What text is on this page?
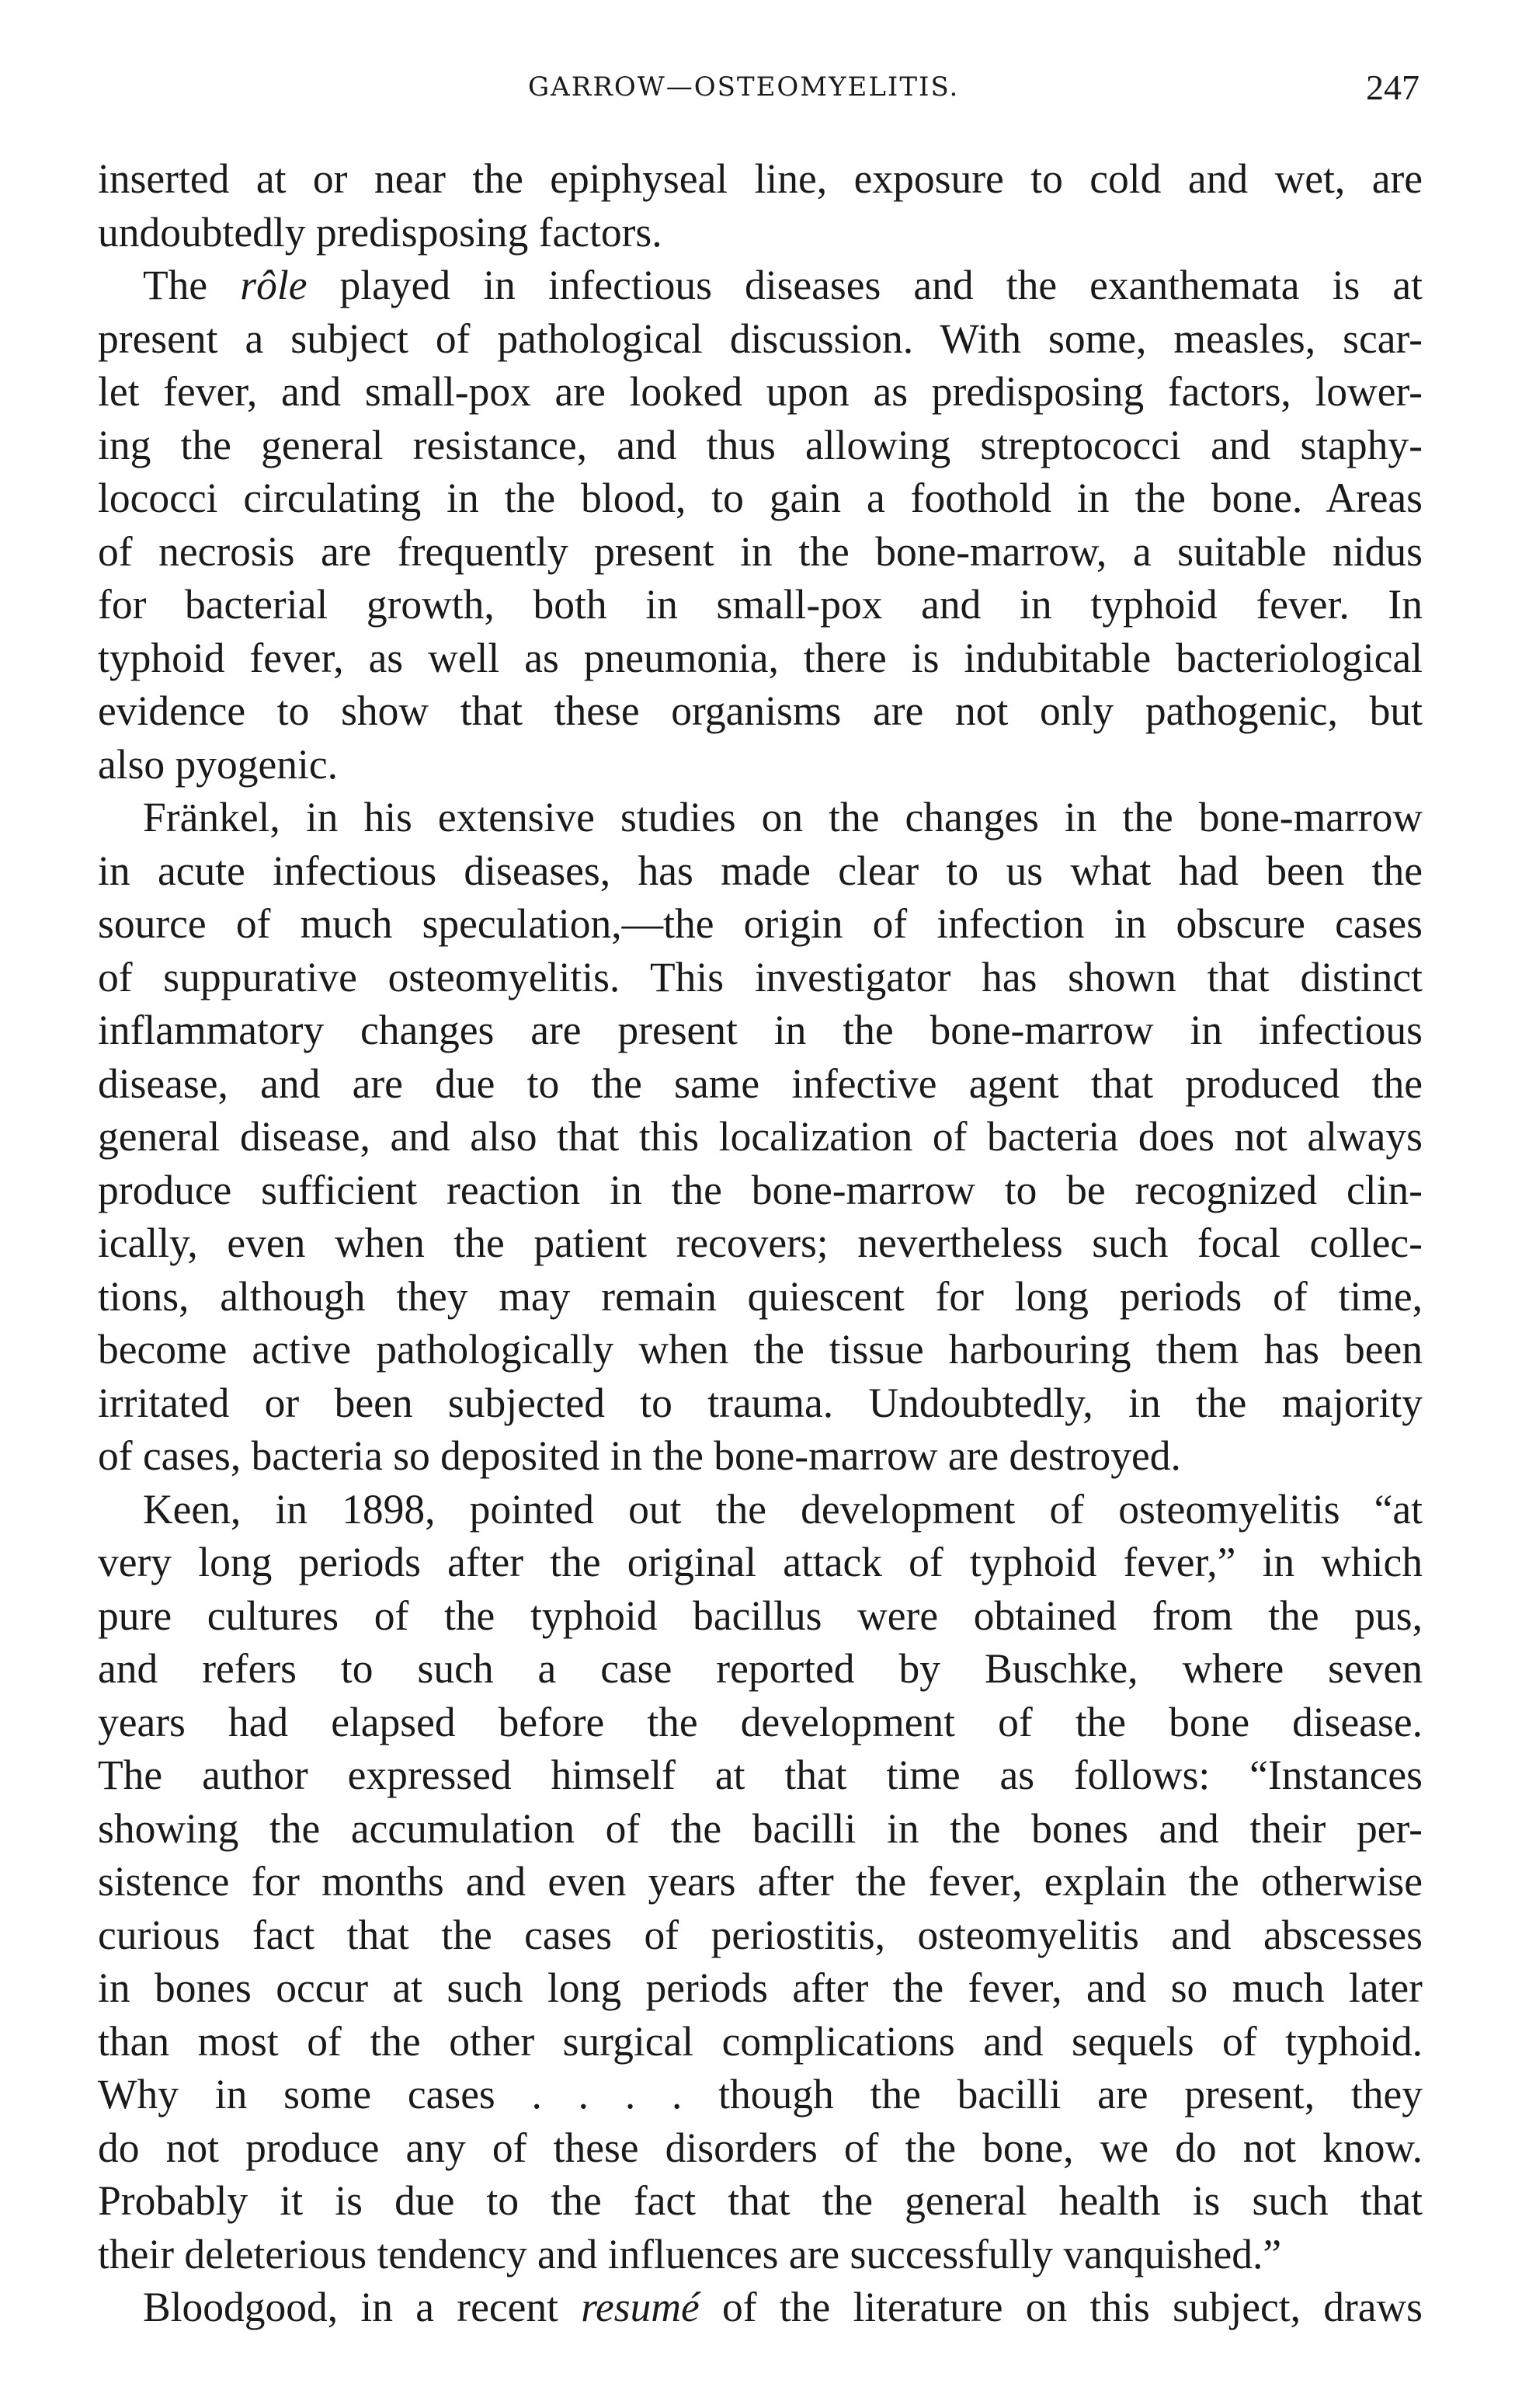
GARROW—OSTEOMYELITIS.	247
inserted at or near the epiphyseal line, exposure to cold and wet, are
undoubtedly predisposing factors.
The rôle played in infectious diseases and the exanthemata is at
present a subject of pathological discussion. With some, measles, scar-
let fever, and small-pox are looked upon as predisposing factors, lower-
ing the general resistance, and thus allowing streptococci and staphy-
lococci circulating in the blood, to gain a foothold in the bone. Areas
of necrosis are frequently present in the bone-marrow, a suitable nidus
for bacterial growth, both in small-pox and in typhoid fever. In
typhoid fever, as well as pneumonia, there is indubitable bacteriological
evidence to show that these organisms are not only pathogenic, but
also pyogenic.
Fränkel, in his extensive studies on the changes in the bone-marrow
in acute infectious diseases, has made clear to us what had been the
source of much speculation,—the origin of infection in obscure cases
of suppurative osteomyelitis. This investigator has shown that distinct
inflammatory changes are present in the bone-marrow in infectious
disease, and are due to the same infective agent that produced the
general disease, and also that this localization of bacteria does not always
produce sufficient reaction in the bone-marrow to be recognized clin-
ically, even when the patient recovers; nevertheless such focal collec-
tions, although they may remain quiescent for long periods of time,
become active pathologically when the tissue harbouring them has been
irritated or been subjected to trauma. Undoubtedly, in the majority
of cases, bacteria so deposited in the bone-marrow are destroyed.
Keen, in 1898, pointed out the development of osteomyelitis “at
very long periods after the original attack of typhoid fever,” in which
pure cultures of the typhoid bacillus were obtained from the pus,
and refers to such a case reported by Buschke, where seven
years had elapsed before the development of the bone disease.
The author expressed himself at that time as follows: “Instances
showing the accumulation of the bacilli in the bones and their per-
sistence for months and even years after the fever, explain the otherwise
curious fact that the cases of periostitis, osteomyelitis and abscesses
in bones occur at such long periods after the fever, and so much later
than most of the other surgical complications and sequels of typhoid.
Why in some cases . . . . though the bacilli are present, they
do not produce any of these disorders of the bone, we do not know.
Probably it is due to the fact that the general health is such that
their deleterious tendency and influences are successfully vanquished.”
Bloodgood, in a recent resumé of the literature on this subject, draws
